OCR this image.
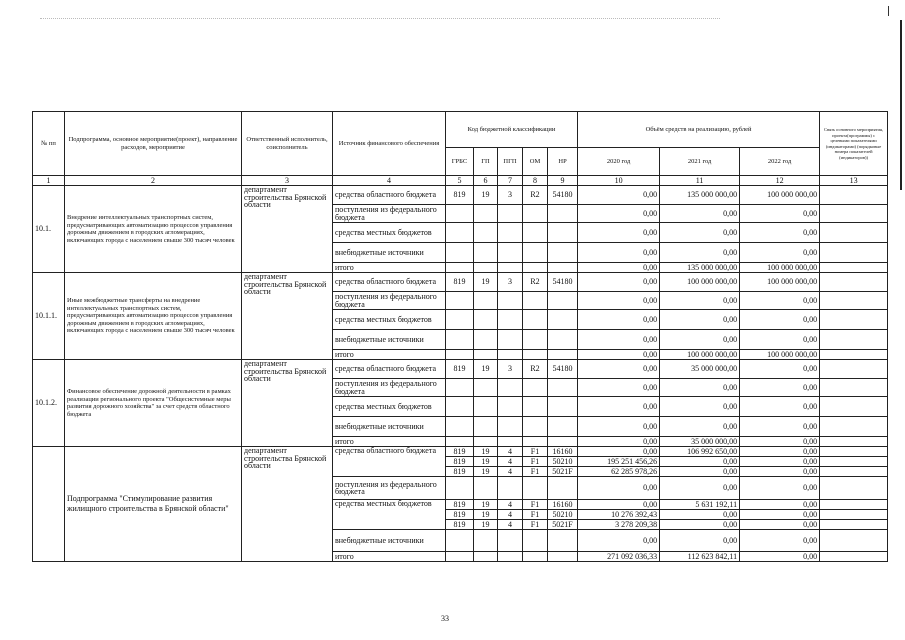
№ пп	Подпрограмма, основное мероприятие(проект), направление расходов, мероприятие	Ответственный исполнитель, соисполнитель	Источник финансового обеспечения	Код бюджетной классификации					Объём средств на реализацию, рублей			Связь основного мероприятия, проекта(программы) с целевыми показателями (индикаторами) (порядковые номера показателей (индикаторов))
				ГРБС	ГП	ПГП	ОМ	НР	2020 год	2021 год	2022 год	
1	2	3	4	5	6	7	8	9	10	11	12	13
10.1.	Внедрение интеллектуальных транспортных систем, предусматривающих автоматизацию процессов управления дорожным движением в городских агломерациях, включающих города с населением свыше 300 тысяч человек	департамент строительства Брянской области	средства областного бюджета	819	19	3	R2	54180	0,00	135 000 000,00	100 000 000,00	
			поступления из федерального бюджета						0,00	0,00	0,00	
			средства местных бюджетов						0,00	0,00	0,00	
			внебюджетные источники						0,00	0,00	0,00	
			итого						0,00	135 000 000,00	100 000 000,00	
10.1.1.	Иные межбюджетные трансферты на внедрение интеллектуальных транспортных систем, предусматривающих автоматизацию процессов управления дорожным движением в городских агломерациях, включающих города с населением свыше 300 тысяч человек	департамент строительства Брянской области	средства областного бюджета	819	19	3	R2	54180	0,00	100 000 000,00	100 000 000,00	
			поступления из федерального бюджета						0,00	0,00	0,00	
			средства местных бюджетов						0,00	0,00	0,00	
			внебюджетные источники						0,00	0,00	0,00	
			итого						0,00	100 000 000,00	100 000 000,00	
10.1.2.	Финансовое обеспечение дорожной деятельности в рамках реализации регионального проекта "Общесистемные меры развития дорожного хозяйства" за счет средств областного бюджета	департамент строительства Брянской области	средства областного бюджета	819	19	3	R2	54180	0,00	35 000 000,00	0,00	
			поступления из федерального бюджета						0,00	0,00	0,00	
			средства местных бюджетов						0,00	0,00	0,00	
			внебюджетные источники						0,00	0,00	0,00	
			итого						0,00	35 000 000,00	0,00	
	Подпрограмма "Стимулирование развития жилищного строительства в Брянской области"	департамент строительства Брянской области	средства областного бюджета	819	19	4	F1	16160	0,00	106 992 650,00	0,00	
				819	19	4	F1	50210	195 251 456,26	0,00	0,00	
				819	19	4	F1	5021F	62 285 978,26	0,00	0,00	
			поступления из федерального бюджета						0,00	0,00	0,00	
			средства местных бюджетов	819	19	4	F1	16160	0,00	5 631 192,11	0,00	
				819	19	4	F1	50210	10 276 392,43	0,00	0,00	
				819	19	4	F1	5021F	3 278 209,38	0,00	0,00	
			внебюджетные источники						0,00	0,00	0,00	
			итого						271 092 036,33	112 623 842,11	0,00	
33
